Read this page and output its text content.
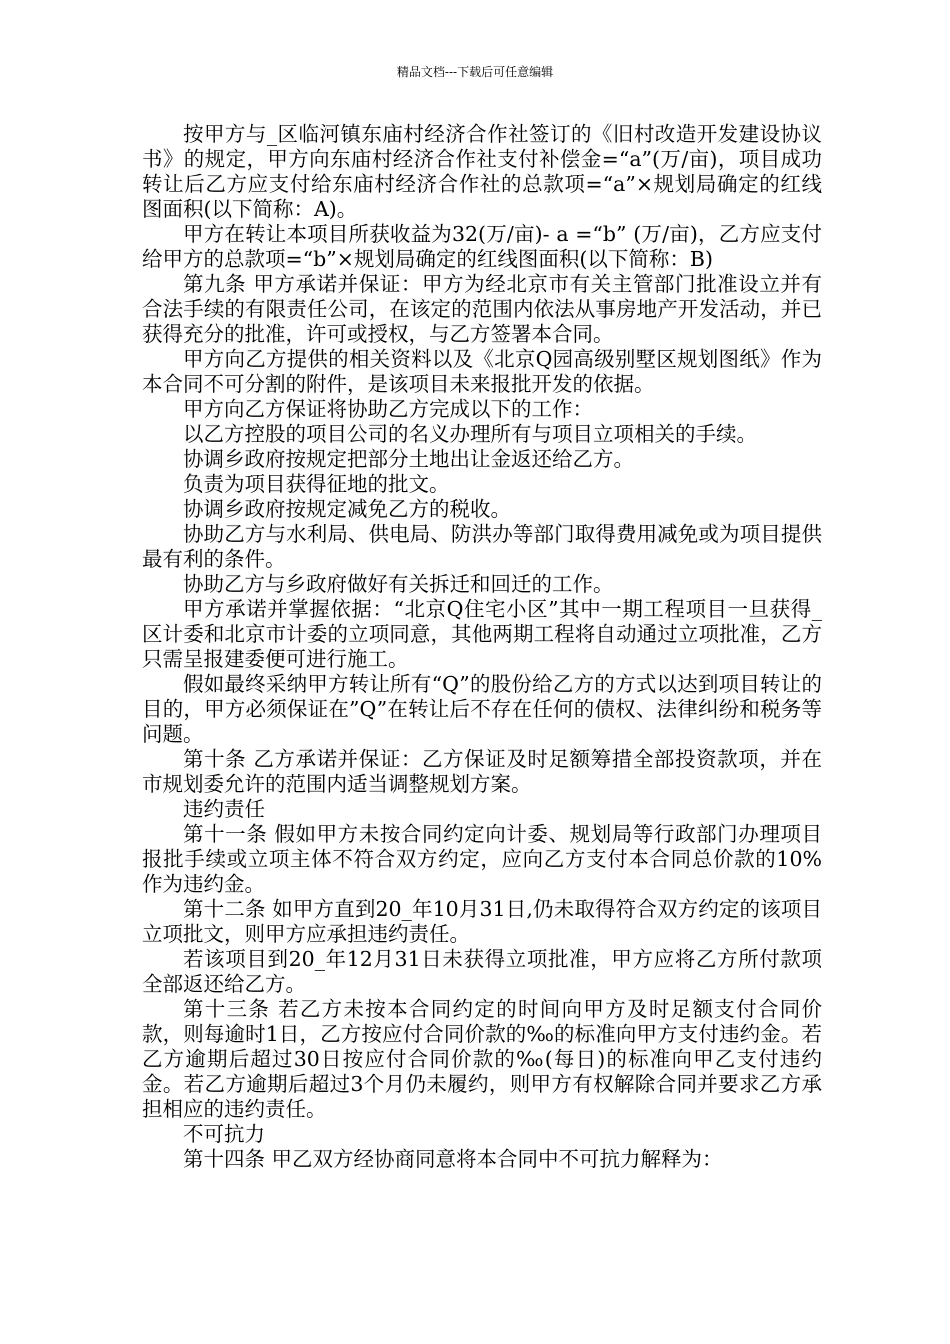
精品文档---下载后可任意编辑

按甲方与_区临河镇东庙村经济合作社签订的《旧村改造开发建设协议书》的规定，甲方向东庙村经济合作社支付补偿金=“a”(万/亩)，项目成功转让后乙方应支付给东庙村经济合作社的总款项=“a”×规划局确定的红线图面积(以下简称：A)。

甲方在转让本项目所获收益为32(万/亩)- a =“b” (万/亩)，乙方应支付给甲方的总款项=“b”×规划局确定的红线图面积(以下简称：B)

第九条 甲方承诺并保证：甲方为经北京市有关主管部门批准设立并有合法手续的有限责任公司，在该定的范围内依法从事房地产开发活动，并已获得充分的批准，许可或授权，与乙方签署本合同。

甲方向乙方提供的相关资料以及《北京Q园高级别墅区规划图纸》作为本合同不可分割的附件，是该项目未来报批开发的依据。

甲方向乙方保证将协助乙方完成以下的工作：

以乙方控股的项目公司的名义办理所有与项目立项相关的手续。

协调乡政府按规定把部分土地出让金返还给乙方。

负责为项目获得征地的批文。

协调乡政府按规定减免乙方的税收。

协助乙方与水利局、供电局、防洪办等部门取得费用减免或为项目提供最有利的条件。

协助乙方与乡政府做好有关拆迁和回迁的工作。

甲方承诺并掌握依据：“北京Q住宅小区”其中一期工程项目一旦获得_区计委和北京市计委的立项同意，其他两期工程将自动通过立项批准，乙方只需呈报建委便可进行施工。

假如最终采纳甲方转让所有“Q”的股份给乙方的方式以达到项目转让的目的，甲方必须保证在”Q”在转让后不存在任何的债权、法律纠纷和税务等问题。

第十条 乙方承诺并保证：乙方保证及时足额筹措全部投资款项，并在市规划委允许的范围内适当调整规划方案。

违约责任

第十一条 假如甲方未按合同约定向计委、规划局等行政部门办理项目报批手续或立项主体不符合双方约定，应向乙方支付本合同总价款的10%作为违约金。

第十二条 如甲方直到20_年10月31日,仍未取得符合双方约定的该项目立项批文，则甲方应承担违约责任。

若该项目到20_年12月31日未获得立项批准，甲方应将乙方所付款项全部返还给乙方。

第十三条 若乙方未按本合同约定的时间向甲方及时足额支付合同价款，则每逾时1日，乙方按应付合同价款的‰的标准向甲方支付违约金。若乙方逾期后超过30日按应付合同价款的‰(每日)的标准向甲乙支付违约金。若乙方逾期后超过3个月仍未履约，则甲方有权解除合同并要求乙方承担相应的违约责任。

不可抗力

第十四条 甲乙双方经协商同意将本合同中不可抗力解释为：
